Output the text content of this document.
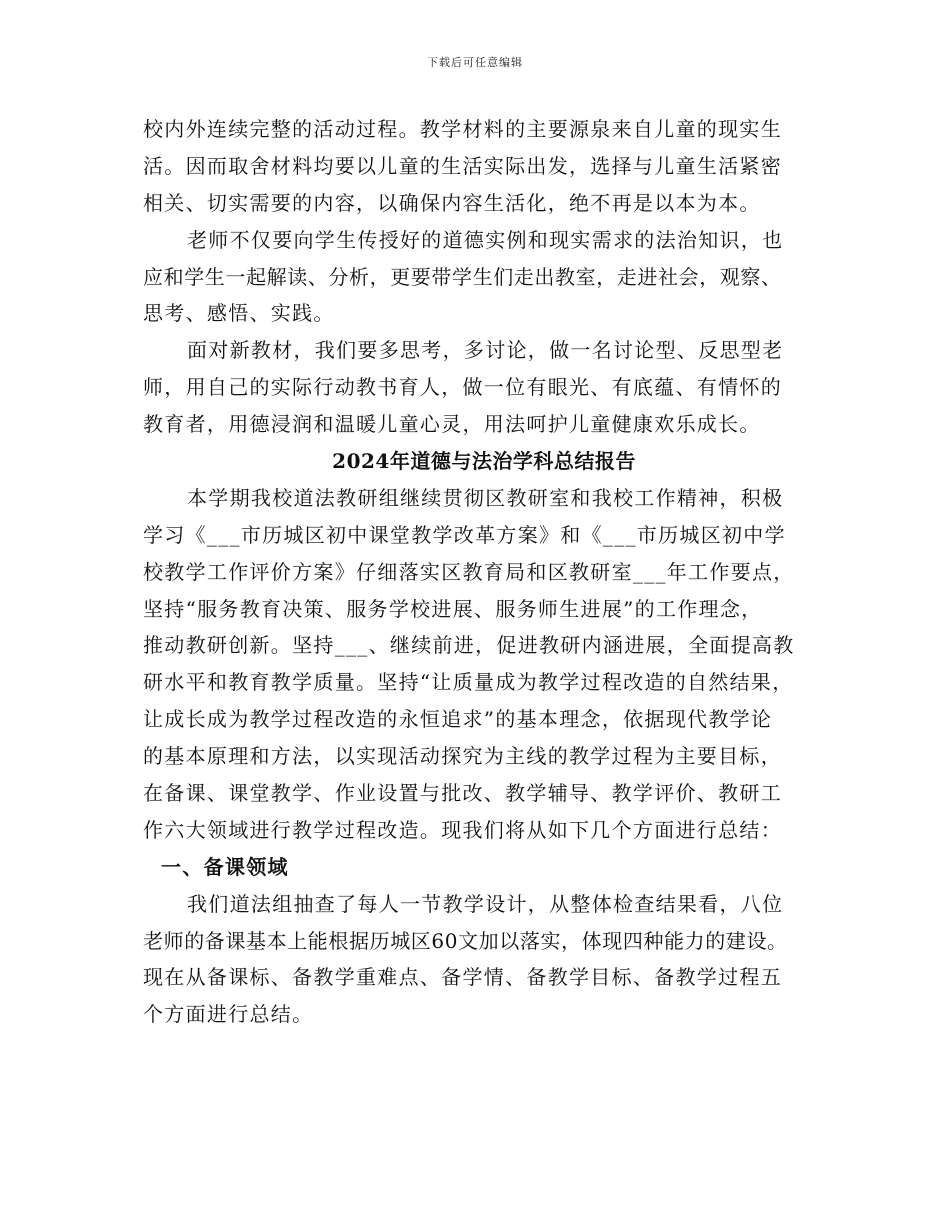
下载后可任意编辑
校内外连续完整的活动过程。教学材料的主要源泉来自儿童的现实生
活。因而取舍材料均要以儿童的生活实际出发，选择与儿童生活紧密
相关、切实需要的内容，以确保内容生活化，绝不再是以本为本。
老师不仅要向学生传授好的道德实例和现实需求的法治知识，也
应和学生一起解读、分析，更要带学生们走出教室，走进社会，观察、
思考、感悟、实践。
面对新教材，我们要多思考，多讨论，做一名讨论型、反思型老
师，用自己的实际行动教书育人，做一位有眼光、有底蕴、有情怀的
教育者，用德浸润和温暖儿童心灵，用法呵护儿童健康欢乐成长。
2024年道德与法治学科总结报告
本学期我校道法教研组继续贯彻区教研室和我校工作精神，积极
学习《___市历城区初中课堂教学改革方案》和《___市历城区初中学
校教学工作评价方案》仔细落实区教育局和区教研室___年工作要点，
坚持“服务教育决策、服务学校进展、服务师生进展”的工作理念，
推动教研创新。坚持___、继续前进，促进教研内涵进展，全面提高教
研水平和教育教学质量。坚持“让质量成为教学过程改造的自然结果，
让成长成为教学过程改造的永恒追求”的基本理念，依据现代教学论
的基本原理和方法，以实现活动探究为主线的教学过程为主要目标，
在备课、课堂教学、作业设置与批改、教学辅导、教学评价、教研工
作六大领域进行教学过程改造。现我们将从如下几个方面进行总结：
一、备课领域
我们道法组抽查了每人一节教学设计，从整体检查结果看，八位
老师的备课基本上能根据历城区60文加以落实，体现四种能力的建设。
现在从备课标、备教学重难点、备学情、备教学目标、备教学过程五
个方面进行总结。
